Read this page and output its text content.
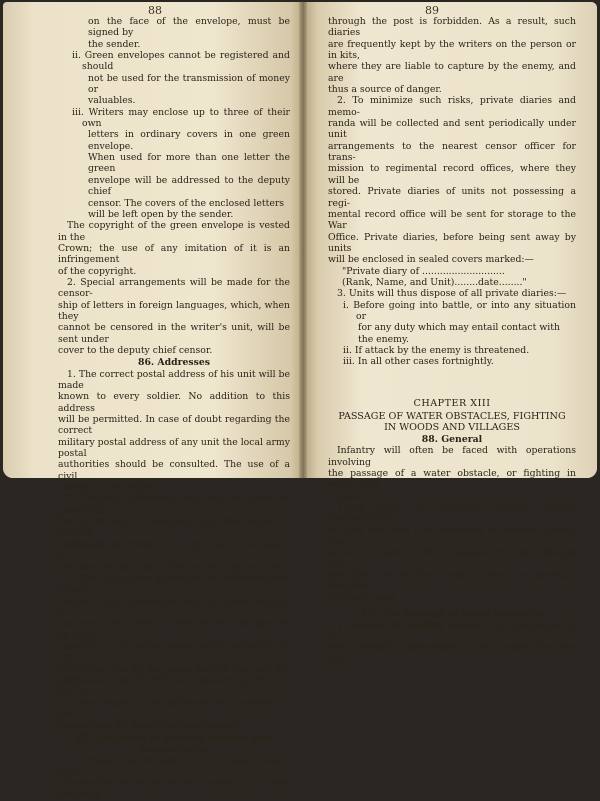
88

on the face of the envelope, must be signed by

the sender.

ii. Green envelopes cannot be registered and should

not be used for the transmission of money or

valuables.

iii. Writers may enclose up to three of their own

letters in ordinary covers in one green envelope.

When used for more than one letter the green

envelope will be addressed to the deputy chief

censor. The covers of the enclosed letters

will be left open by the sender.

The copyright of the green envelope is vested in the

Crown; the use of any imitation of it is an infringement

of the copyright.

2. Special arrangements will be made for the censor-

ship of letters in foreign languages, which, when they

cannot be censored in the writer's unit, will be sent under

cover to the deputy chief censor.

86. Addresses

1. The correct postal address of his unit will be made

known to every soldier. No addition to this address

will be permitted. In case of doubt regarding the correct

military postal address of any unit the local army postal

authorities should be consulted. The use of a civil

address is forbidden.

2. Writers' addresses may not be given on postcards,

nor is the use of stationery permitted which is headed,

embossed, or printed with any matter calculated to

disclose the location of the writer or of any unit.

3. The rules given above for the addresses and subject-

matter of correspondence will be applied equally to

packages and parcels, whether sent by post or by other

agencies. In all cases where such packages are sent

otherwise than by the postal service they will be

addressed "c/o The Military Forwarding Officer," but in

all other respects the addresses will conform to the

regulations for postal correspondence.

87. Disposal of private diaries and memoranda

1. Private diaries kept by men may contain much

information of value to the enemy, and their despatch

89

through the post is forbidden. As a result, such diaries

are frequently kept by the writers on the person or in kits,

where they are liable to capture by the enemy, and are

thus a source of danger.

2. To minimize such risks, private diaries and memo-

randa will be collected and sent periodically under unit

arrangements to the nearest censor officer for trans-

mission to regimental record offices, where they will be

stored. Private diaries of units not possessing a regi-

mental record office will be sent for storage to the War

Office. Private diaries, before being sent away by units

will be enclosed in sealed covers marked:—

"Private diary of ............................

(Rank, Name, and Unit)........date........"

3. Units will thus dispose of all private diaries:—

i. Before going into battle, or into any situation or

for any duty which may entail contact with

the enemy.

ii. If attack by the enemy is threatened.

iii. In all other cases fortnightly.

CHAPTER XIII

PASSAGE OF WATER OBSTACLES, FIGHTING

IN WOODS AND VILLAGES

88. General

Infantry will often be faced with operations involving

the passage of a water obstacle, or fighting in woods and

villages.

These types of operation possess certain characteristics

of their own and it is necessary to consider briefly the

action of infantry when engaged in them, though the

principles of section leading given in previous chapters

still hold good.

89. The passage of water obstacles

1. Action of leading troops.—On encountering a

water obstacle commanders of the leading platoons and
